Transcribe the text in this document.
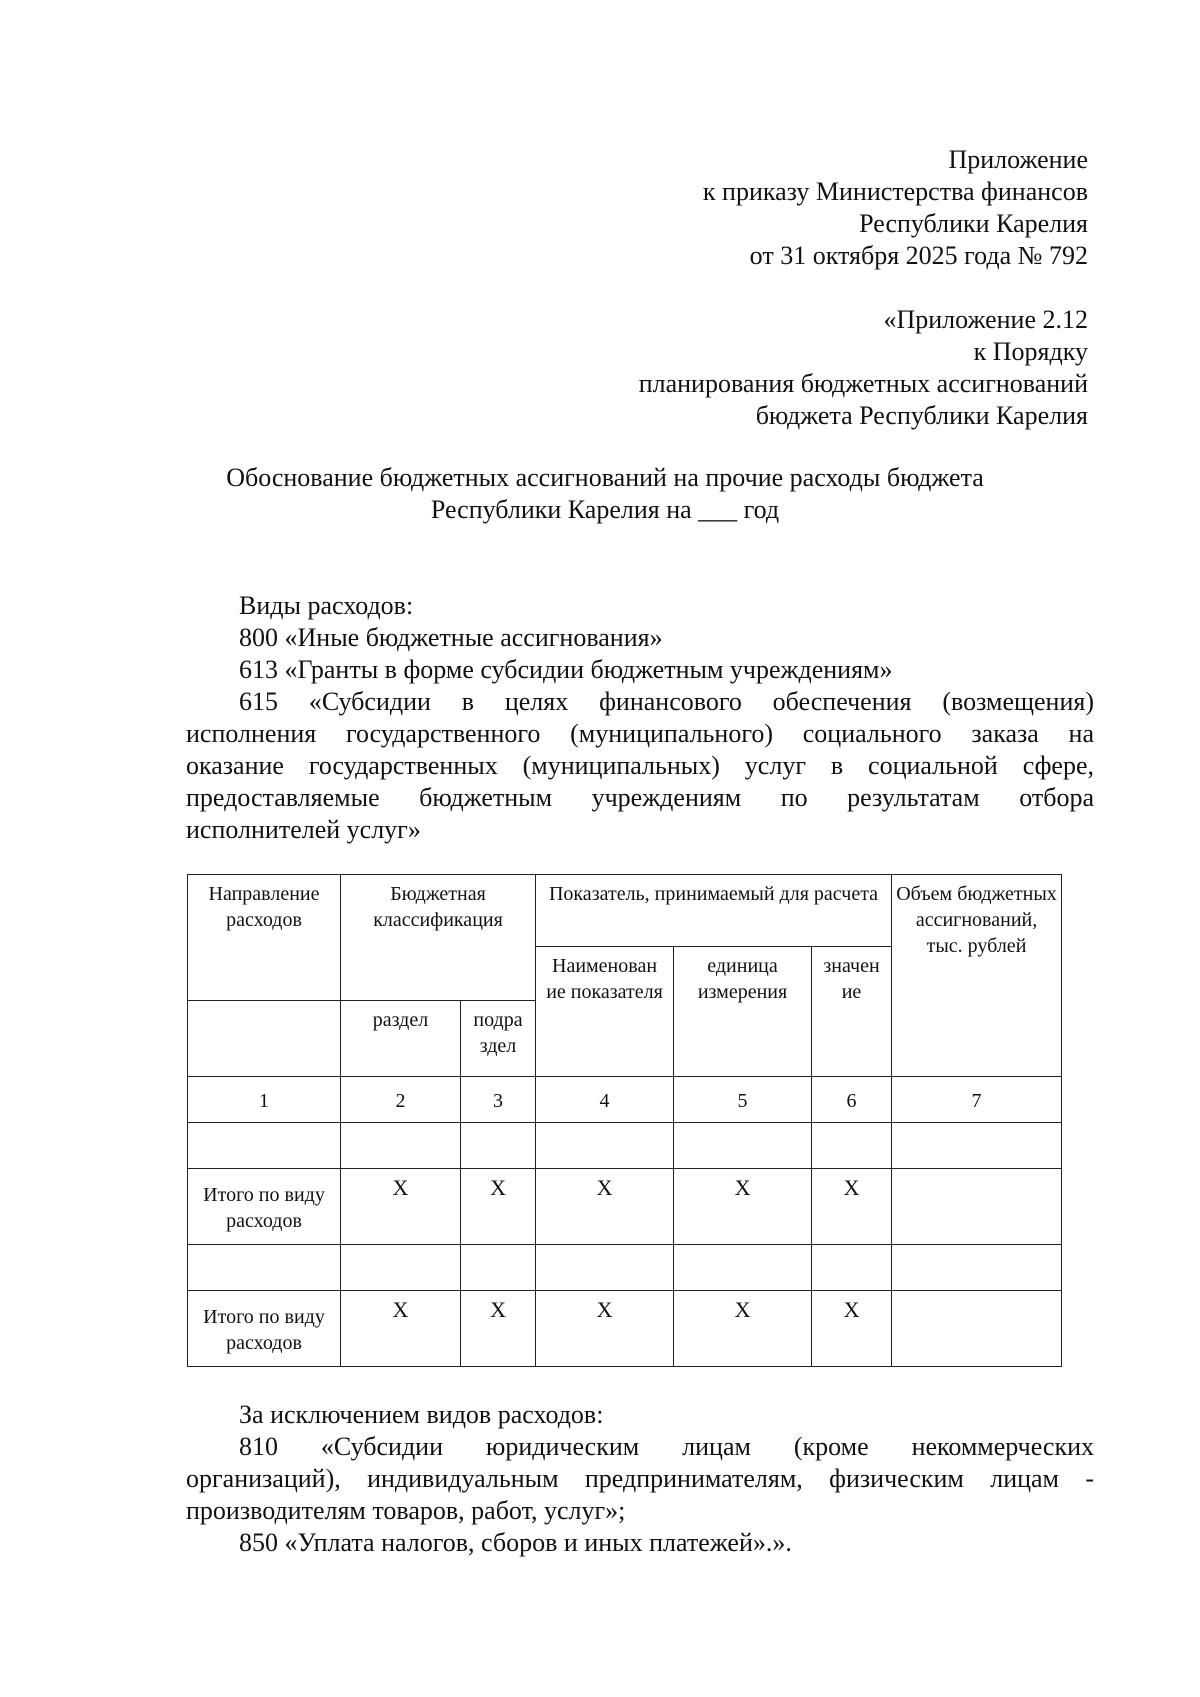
Приложение
к приказу Министерства финансов
Республики Карелия
от 31 октября 2025 года № 792
«Приложение 2.12
к Порядку
планирования бюджетных ассигнований
бюджета Республики Карелия
Обоснование бюджетных ассигнований на прочие расходы бюджета
Республики Карелия на ___ год
Виды расходов:
800 «Иные бюджетные ассигнования»
613 «Гранты в форме субсидии бюджетным учреждениям»
615 «Субсидии в целях финансового обеспечения (возмещения)
исполнения государственного (муниципального) социального заказа на
оказание государственных (муниципальных) услуг в социальной сфере,
предоставляемые бюджетным учреждениям по результатам отбора
исполнителей услуг»
Направление расходов	Бюджетная классификация		Показатель, принимаемый для расчета			Объем бюджетных ассигнований, тыс. рублей
			Наименован ие показателя	единица измерения	значен ие	
	раздел	подра здел				
1	2	3	4	5	6	7

Итого по виду расходов	X	X	X	X	X	

Итого по виду расходов	X	X	X	X	X	
За исключением видов расходов:
810 «Субсидии юридическим лицам (кроме некоммерческих
организаций), индивидуальным предпринимателям, физическим лицам -
производителям товаров, работ, услуг»;
850 «Уплата налогов, сборов и иных платежей».».
